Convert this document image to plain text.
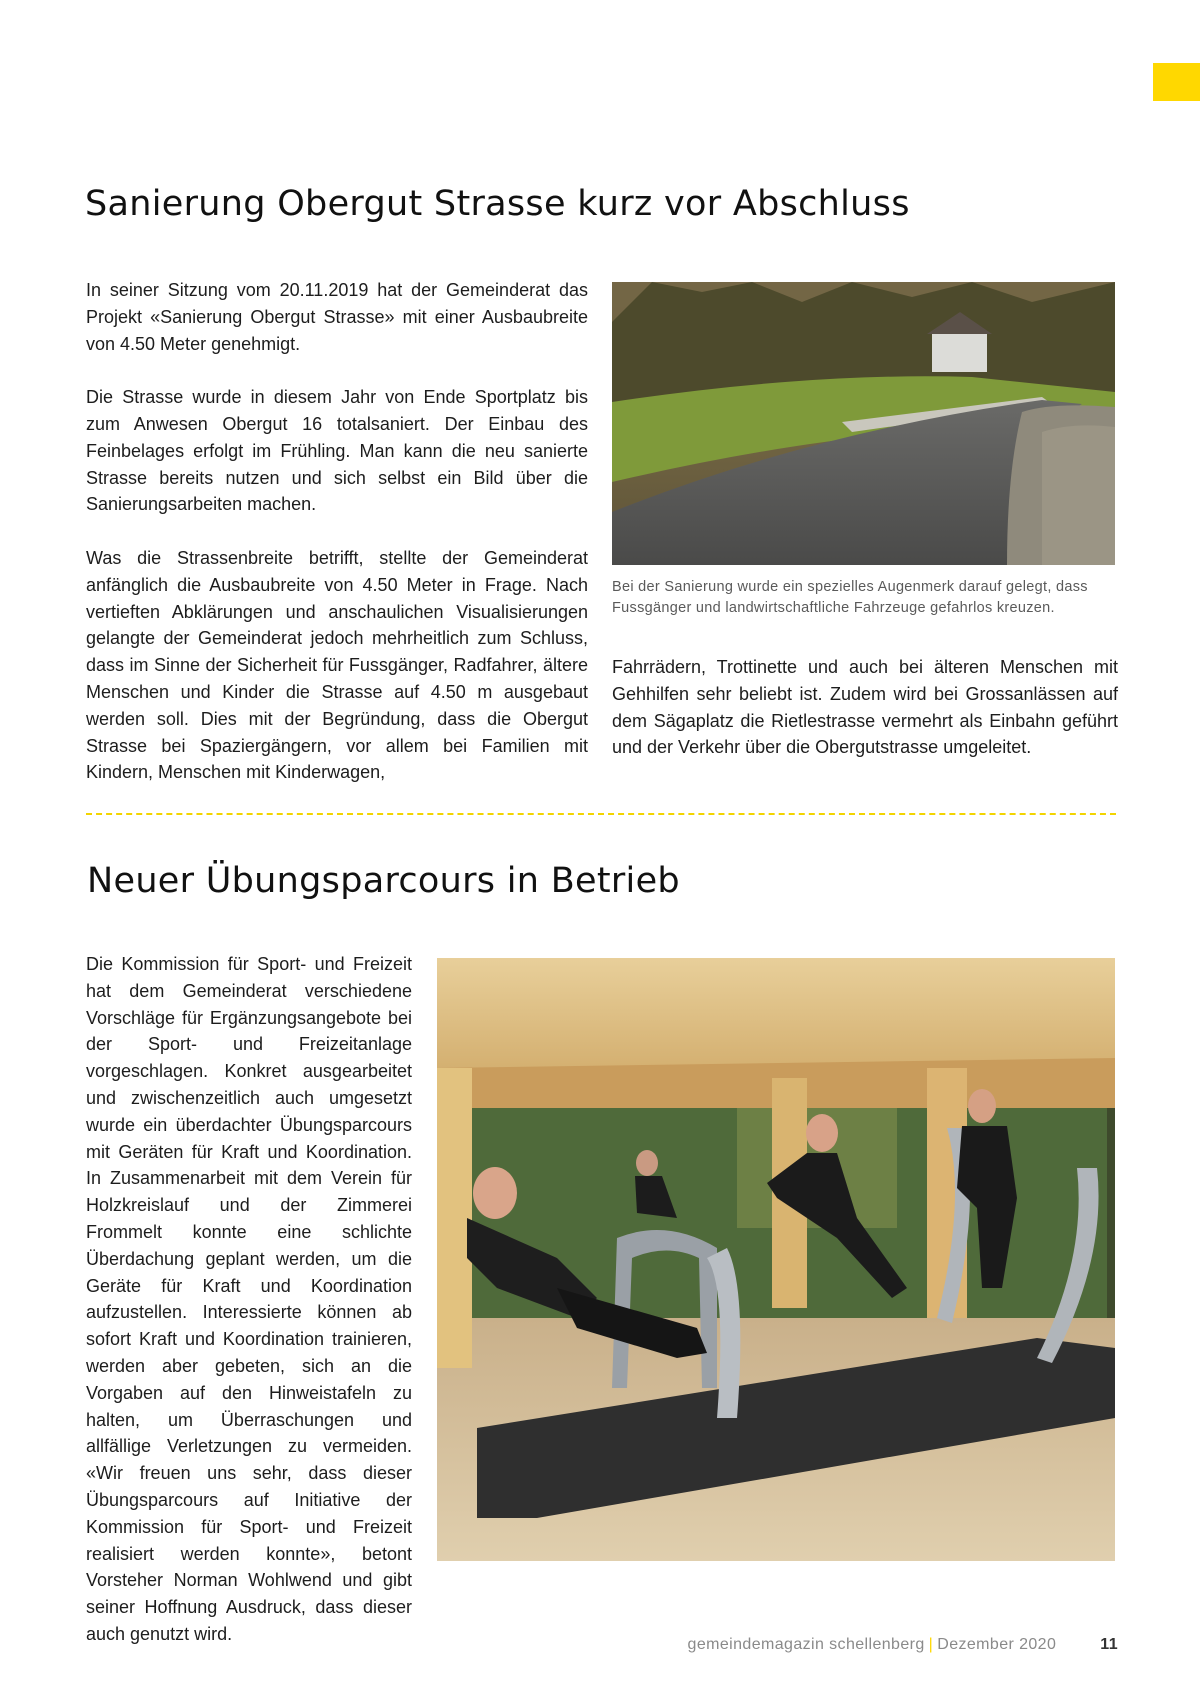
Sanierung Obergut Strasse kurz vor Abschluss

In seiner Sitzung vom 20.11.2019 hat der Gemeinderat das Projekt «Sanierung Obergut Strasse» mit einer Ausbaubreite von 4.50 Meter genehmigt.

Die Strasse wurde in diesem Jahr von Ende Sportplatz bis zum Anwesen Obergut 16 totalsaniert. Der Einbau des Feinbelages erfolgt im Frühling. Man kann die neu sanierte Strasse bereits nutzen und sich selbst ein Bild über die Sanierungsarbeiten machen.

Was die Strassenbreite betrifft, stellte der Gemeinderat anfänglich die Ausbaubreite von 4.50 Meter in Frage. Nach vertieften Abklärungen und anschaulichen Visualisierungen gelangte der Gemeinderat jedoch mehrheitlich zum Schluss, dass im Sinne der Sicherheit für Fussgänger, Radfahrer, ältere Menschen und Kinder die Strasse auf 4.50 m ausgebaut werden soll. Dies mit der Begründung, dass die Obergut Strasse bei Spaziergängern, vor allem bei Familien mit Kindern, Menschen mit Kinderwagen,

Bei der Sanierung wurde ein spezielles Augenmerk darauf gelegt, dass Fussgänger und landwirtschaftliche Fahrzeuge gefahrlos kreuzen.

Fahrrädern, Trottinette und auch bei älteren Menschen mit Gehhilfen sehr beliebt ist. Zudem wird bei Grossanlässen auf dem Sägaplatz die Rietlestrasse vermehrt als Einbahn geführt und der Verkehr über die Obergutstrasse umgeleitet.

Neuer Übungsparcours in Betrieb

Die Kommission für Sport- und Freizeit hat dem Gemeinderat verschiedene Vorschläge für Ergänzungsangebote bei der Sport- und Freizeitanlage vorgeschlagen. Konkret ausgearbeitet und zwischenzeitlich auch umgesetzt wurde ein überdachter Übungsparcours mit Geräten für Kraft und Koordination. In Zusammenarbeit mit dem Verein für Holzkreislauf und der Zimmerei Frommelt konnte eine schlichte Überdachung geplant werden, um die Geräte für Kraft und Koordination aufzustellen. Interessierte können ab sofort Kraft und Koordination trainieren, werden aber gebeten, sich an die Vorgaben auf den Hinweistafeln zu halten, um Überraschungen und allfällige Verletzungen zu vermeiden. «Wir freuen uns sehr, dass dieser Übungsparcours auf Initiative der Kommission für Sport- und Freizeit realisiert werden konnte», betont Vorsteher Norman Wohlwend und gibt seiner Hoffnung Ausdruck, dass dieser auch genutzt wird.

gemeindemagazin schellenberg | Dezember 2020	11
